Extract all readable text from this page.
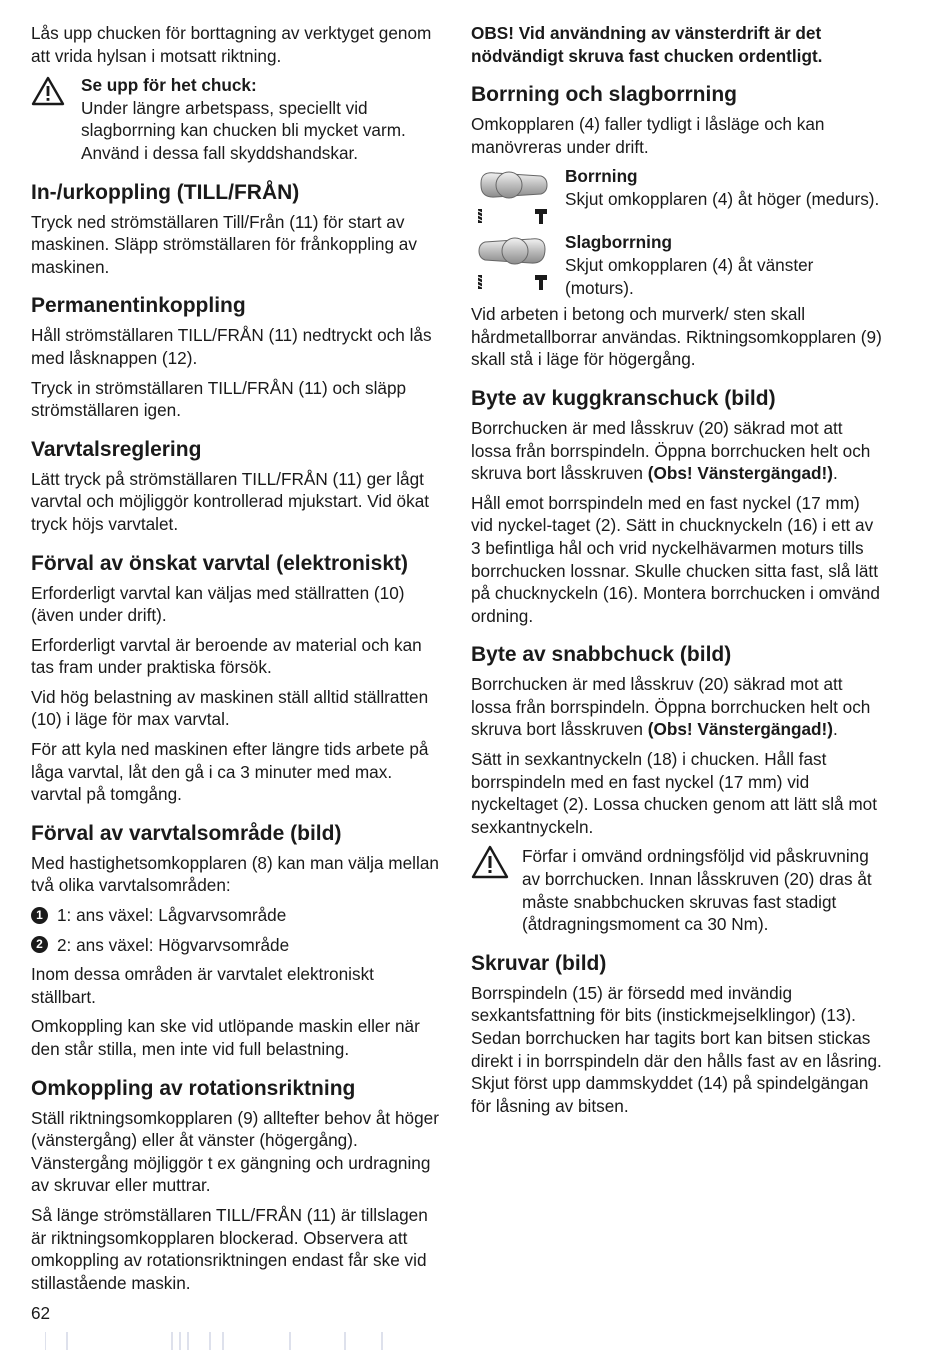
Lås upp chucken för borttagning av verktyget genom att vrida hylsan i motsatt riktning.

Se upp för het chuck:

Under längre arbetspass, speciellt vid slagborrning kan chucken bli mycket varm. Använd i dessa fall skyddshandskar.

In-/urkoppling (TILL/FRÅN)

Tryck ned strömställaren Till/Från (11) för start av maskinen. Släpp strömställaren för frånkoppling av maskinen.

Permanentinkoppling

Håll strömställaren TILL/FRÅN (11) nedtryckt och lås med låsknappen (12).

Tryck in strömställaren TILL/FRÅN (11) och släpp strömställaren igen.

Varvtalsreglering

Lätt tryck på strömställaren TILL/FRÅN (11) ger lågt varvtal och möjliggör kontrollerad mjukstart. Vid ökat tryck höjs varvtalet.

Förval av önskat varvtal (elektroniskt)

Erforderligt varvtal kan väljas med ställratten (10) (även under drift).

Erforderligt varvtal är beroende av material och kan tas fram under praktiska försök.

Vid hög belastning av maskinen ställ alltid ställratten (10) i läge för max varvtal.

För att kyla ned maskinen efter längre tids arbete på låga varvtal, låt den gå i ca 3 minuter med max. varvtal på tomgång.

Förval av varvtalsområde (bild)

Med hastighetsomkopplaren (8) kan man välja mellan två olika varvtalsområden:

1 1: ans växel: Lågvarvsområde

2 2: ans växel: Högvarvsområde

Inom dessa områden är varvtalet elektroniskt ställbart.

Omkoppling kan ske vid utlöpande maskin eller när den står stilla, men inte vid full belastning.

Omkoppling av rotationsriktning

Ställ riktningsomkopplaren (9) alltefter behov åt höger (vänstergång) eller åt vänster (högergång). Vänstergång möjliggör t ex gängning och urdragning av skruvar eller muttrar.

Så länge strömställaren TILL/FRÅN (11) är tillslagen är riktningsomkopplaren blockerad. Observera att omkoppling av rotationsriktningen endast får ske vid stillastående maskin.

OBS! Vid användning av vänsterdrift är det nödvändigt skruva fast chucken ordentligt.

Borrning och slagborrning

Omkopplaren (4) faller tydligt i låsläge och kan manövreras under drift.

Borrning

Skjut omkopplaren (4) åt höger (medurs).

Slagborrning

Skjut omkopplaren (4) åt vänster (moturs).

Vid arbeten i betong och murverk/ sten skall hårdmetallborrar användas. Riktningsomkopplaren (9) skall stå i läge för högergång.

Byte av kuggkranschuck (bild)

Borrchucken är med låsskruv (20) säkrad mot att lossa från borrspindeln. Öppna borrchucken helt och skruva bort låsskruven (Obs! Vänstergängad!).

Håll emot borrspindeln med en fast nyckel (17 mm) vid nyckel-taget (2). Sätt in chucknyckeln (16) i ett av 3 befintliga hål och vrid nyckelhävarmen moturs tills borrchucken lossnar. Skulle chucken sitta fast, slå lätt på chucknyckeln (16). Montera borrchucken i omvänd ordning.

Byte av snabbchuck (bild)

Borrchucken är med låsskruv (20) säkrad mot att lossa från borrspindeln. Öppna borrchucken helt och skruva bort låsskruven (Obs! Vänstergängad!).

Sätt in sexkantnyckeln (18) i chucken. Håll fast borrspindeln med en fast nyckel (17 mm) vid nyckeltaget (2). Lossa chucken genom att lätt slå mot sexkantnyckeln.

Förfar i omvänd ordningsföljd vid påskruvning av borrchucken. Innan låsskruven (20) dras åt måste snabbchucken skruvas fast stadigt (åtdragningsmoment ca 30 Nm).

Skruvar (bild)

Borrspindeln (15) är försedd med invändig sexkantsfattning för bits (instickmejselklingor) (13). Sedan borrchucken har tagits bort kan bitsen stickas direkt i in borrspindeln där den hålls fast av en låsring. Skjut först upp dammskyddet (14) på spindelgängan för låsning av bitsen.

62
